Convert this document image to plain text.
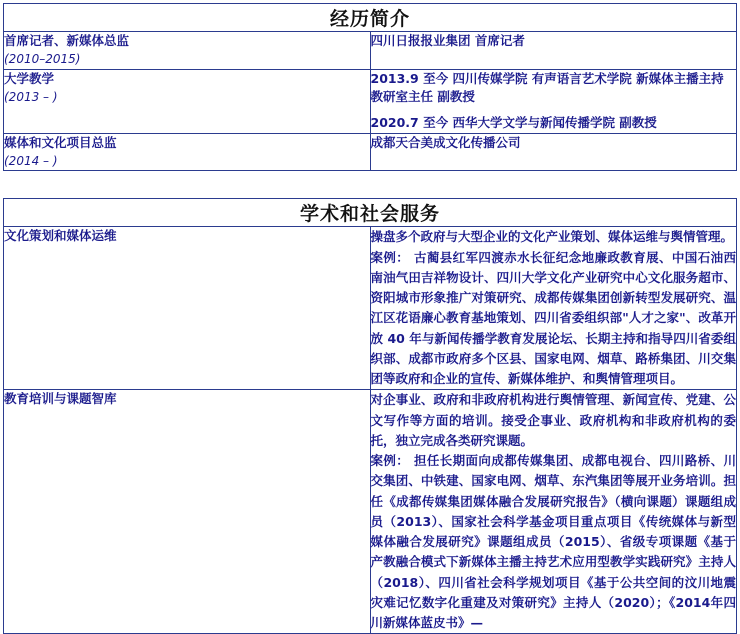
经历简介	
首席记者、新媒体总监
(2010–2015)	四川日报报业集团 首席记者

大学教学
(2013 – )	2013.9 至今 四川传媒学院 有声语言艺术学院 新媒体主播主持教研室主任 副教授
2020.7 至今 西华大学文学与新闻传播学院 副教授

媒体和文化项目总监
(2014 – )	成都天合美成文化传播公司
学术和社会服务	
文化策划和媒体运维	操盘多个政府与大型企业的文化产业策划、媒体运维与舆情管理。
案例： 古蔺县红军四渡赤水长征纪念地廉政教育展、中国石油西南油气田吉祥物设计、四川大学文化产业研究中心文化服务超市、资阳城市形象推广对策研究、成都传媒集团创新转型发展研究、温江区花语廉心教育基地策划、四川省委组织部"人才之家"、改革开放 40 年与新闻传播学教育发展论坛、长期主持和指导四川省委组织部、成都市政府多个区县、国家电网、烟草、路桥集团、川交集团等政府和企业的宣传、新媒体维护、和舆情管理项目。

教育培训与课题智库	对企事业、政府和非政府机构进行舆情管理、新闻宣传、党建、公文写作等方面的培训。接受企事业、政府机构和非政府机构的委托，独立完成各类研究课题。
案例： 担任长期面向成都传媒集团、成都电视台、四川路桥、川交集团、中铁建、国家电网、烟草、东汽集团等展开业务培训。担任《成都传媒集团媒体融合发展研究报告》（横向课题）课题组成员（2013）、国家社会科学基金项目重点项目《传统媒体与新型媒体融合发展研究》课题组成员（2015）、省级专项课题《基于产教融合模式下新媒体主播主持艺术应用型教学实践研究》主持人（2018）、四川省社会科学规划项目《基于公共空间的汶川地震灾难记忆数字化重建及对策研究》主持人（2020）；《2014年四川新媒体蓝皮书》—
